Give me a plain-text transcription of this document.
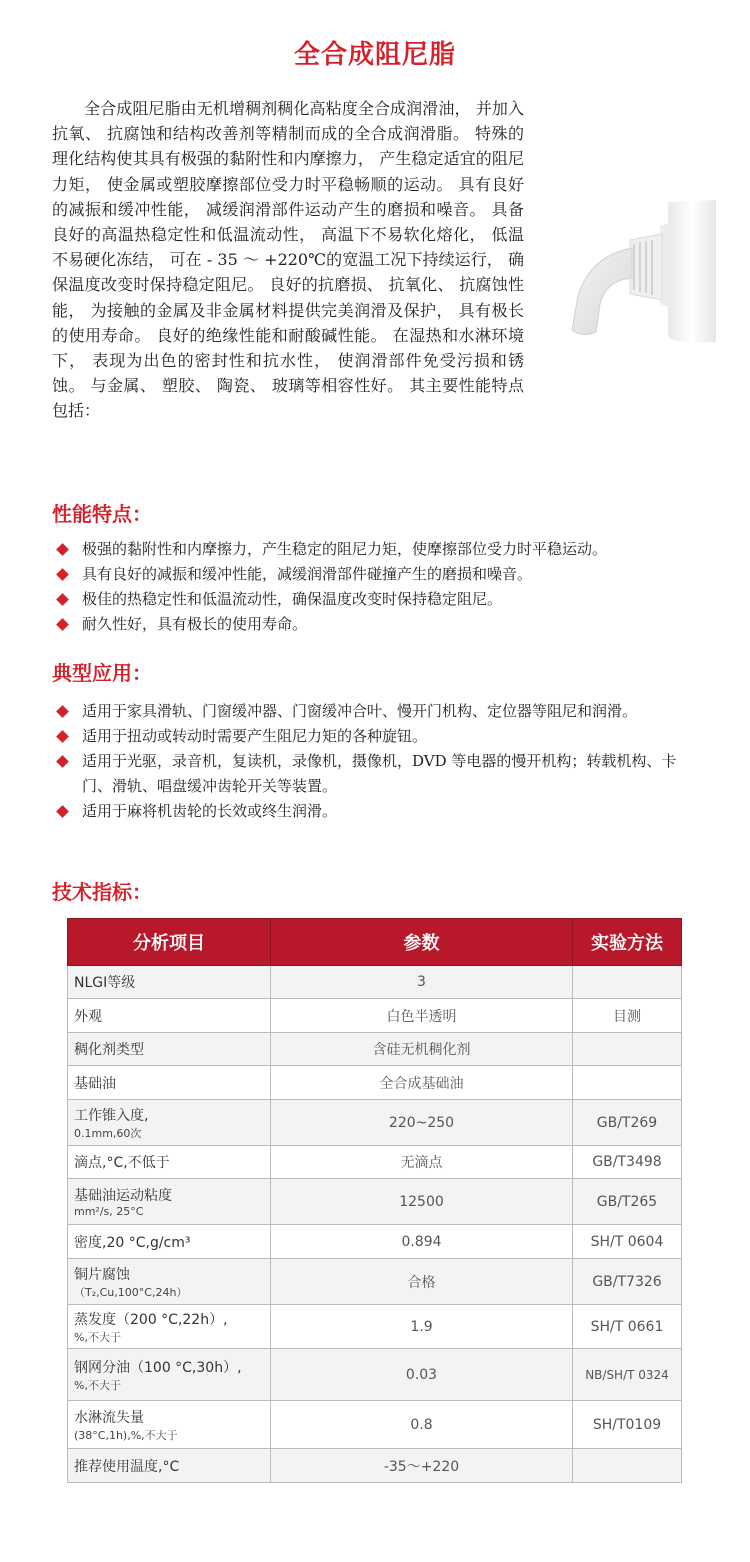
全合成阻尼脂

全合成阻尼脂由无机增稠剂稠化高粘度全合成润滑油， 并加入抗氧、 抗腐蚀和结构改善剂等精制而成的全合成润滑脂。 特殊的理化结构使其具有极强的黏附性和内摩擦力， 产生稳定适宜的阻尼力矩， 使金属或塑胶摩擦部位受力时平稳畅顺的运动。 具有良好的减振和缓冲性能， 减缓润滑部件运动产生的磨损和噪音。 具备良好的高温热稳定性和低温流动性， 高温下不易软化熔化， 低温不易硬化冻结， 可在 - 35 ～ +220℃的宽温工况下持续运行， 确保温度改变时保持稳定阻尼。 良好的抗磨损、 抗氧化、 抗腐蚀性能， 为接触的金属及非金属材料提供完美润滑及保护， 具有极长的使用寿命。 良好的绝缘性能和耐酸碱性能。 在湿热和水淋环境下， 表现为出色的密封性和抗水性， 使润滑部件免受污损和锈蚀。 与金属、 塑胶、 陶瓷、 玻璃等相容性好。 其主要性能特点包括：

性能特点：
极强的黏附性和内摩擦力，产生稳定的阻尼力矩，使摩擦部位受力时平稳运动。
具有良好的减振和缓冲性能，减缓润滑部件碰撞产生的磨损和噪音。
极佳的热稳定性和低温流动性，确保温度改变时保持稳定阻尼。
耐久性好，具有极长的使用寿命。
典型应用：
适用于家具滑轨、门窗缓冲器、门窗缓冲合叶、慢开门机构、定位器等阻尼和润滑。
适用于扭动或转动时需要产生阻尼力矩的各种旋钮。
适用于光驱，录音机，复读机，录像机，摄像机，DVD 等电器的慢开机构；转载机构、卡门、滑轨、唱盘缓冲齿轮开关等装置。
适用于麻将机齿轮的长效或终生润滑。
技术指标：
分析项目	参数	实验方法
NLGI等级	3	
外观	白色半透明	目测
稠化剂类型	含硅无机稠化剂	
基础油	全合成基础油	
工作锥入度,
0.1mm,60次	220~250	GB/T269
滴点,°C,不低于	无滴点	GB/T3498
基础油运动粘度
mm²/s, 25°C	12500	GB/T265
密度,20 °C,g/cm³	0.894	SH/T 0604
铜片腐蚀
（T₂,Cu,100°C,24h）	合格	GB/T7326
蒸发度（200 °C,22h）,
%,不大于	1.9	SH/T 0661
钢网分油（100 °C,30h）,
%,不大于	0.03	NB/SH/T 0324
水淋流失量
(38°C,1h),%,不大于	0.8	SH/T0109
推荐使用温度,°C	-35～+220	
